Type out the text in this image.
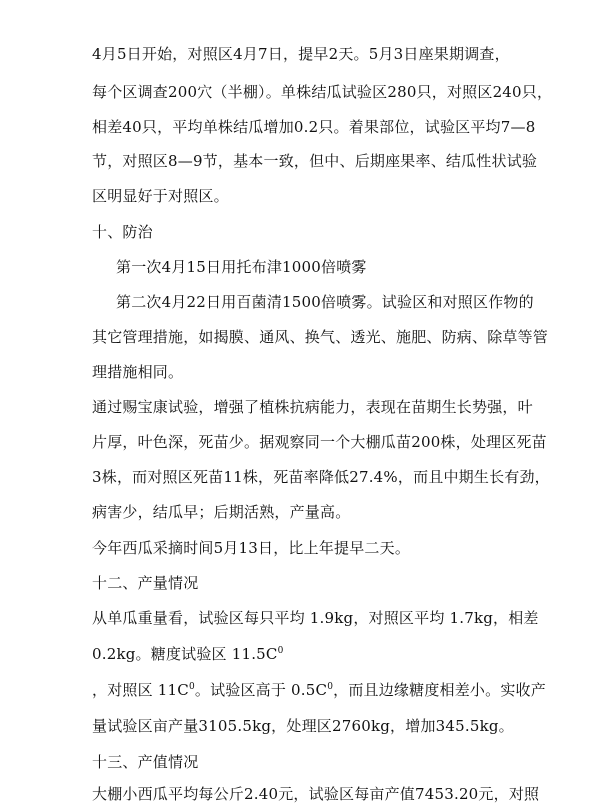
4月5日开始，对照区4月7日，提早2天。5月3日座果期调查，
每个区调查200穴（半棚）。单株结瓜试验区280只，对照区240只，
相差40只，平均单株结瓜增加0.2只。着果部位，试验区平均7—8
节，对照区8—9节，基本一致，但中、后期座果率、结瓜性状试验
区明显好于对照区。
十、防治
第一次4月15日用托布津1000倍喷雾
第二次4月22日用百菌清1500倍喷雾。试验区和对照区作物的
其它管理措施，如揭膜、通风、换气、透光、施肥、防病、除草等管
理措施相同。
通过赐宝康试验，增强了植株抗病能力，表现在苗期生长势强，叶
片厚，叶色深，死苗少。据观察同一个大棚瓜苗200株，处理区死苗
3株，而对照区死苗11株，死苗率降低27.4%，而且中期生长有劲，
病害少，结瓜早；后期活熟，产量高。
今年西瓜采摘时间5月13日，比上年提早二天。
十二、产量情况
从单瓜重量看，试验区每只平均 1.9kg，对照区平均 1.7kg，相差
0.2kg。糖度试验区 $11.5C^0$
，对照区 $11C^0$。试验区高于 $0.5C^0$，而且边缘糖度相差小。实收产
量试验区亩产量3105.5kg，处理区2760kg，增加345.5kg。
十三、产值情况
大棚小西瓜平均每公斤2.40元，试验区每亩产值7453.20元，对照
